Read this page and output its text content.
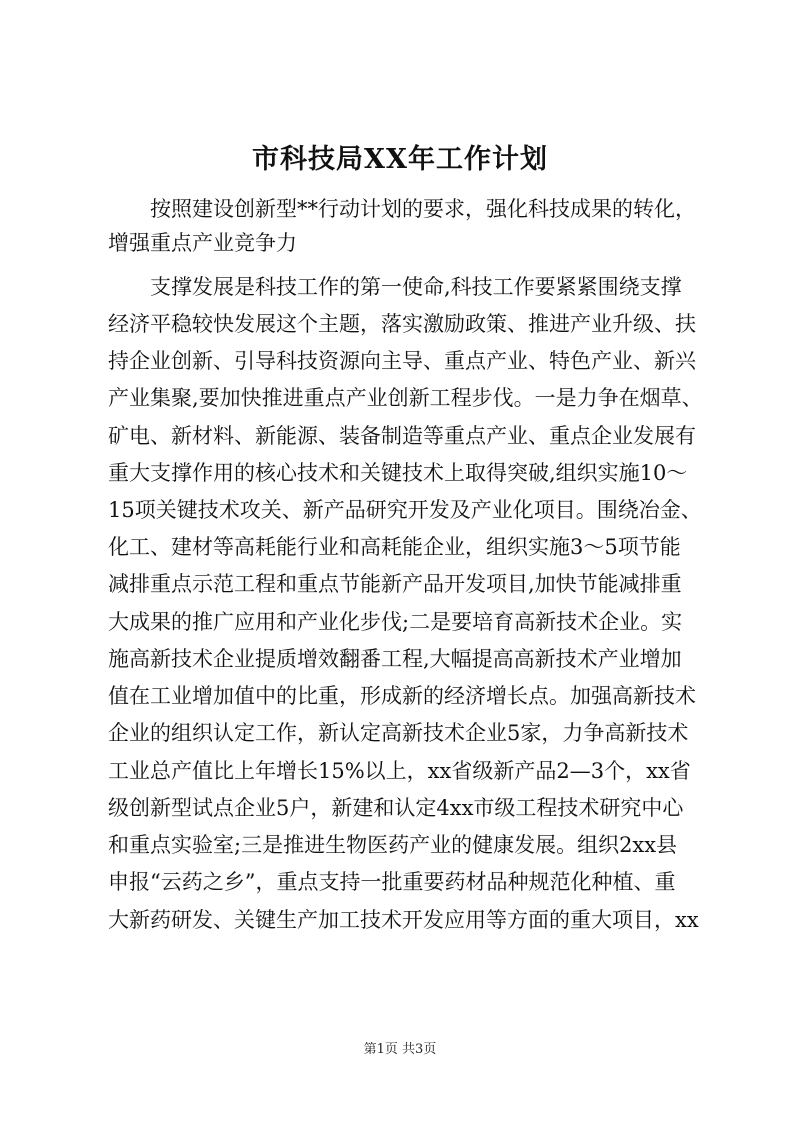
市科技局XX年工作计划
　　按照建设创新型**行动计划的要求，强化科技成果的转化，
增强重点产业竞争力
　　支撑发展是科技工作的第一使命,科技工作要紧紧围绕支撑
经济平稳较快发展这个主题，落实激励政策、推进产业升级、扶
持企业创新、引导科技资源向主导、重点产业、特色产业、新兴
产业集聚,要加快推进重点产业创新工程步伐。一是力争在烟草、
矿电、新材料、新能源、装备制造等重点产业、重点企业发展有
重大支撑作用的核心技术和关键技术上取得突破,组织实施10～
15项关键技术攻关、新产品研究开发及产业化项目。围绕冶金、
化工、建材等高耗能行业和高耗能企业，组织实施3～5项节能
减排重点示范工程和重点节能新产品开发项目,加快节能减排重
大成果的推广应用和产业化步伐;二是要培育高新技术企业。实
施高新技术企业提质增效翻番工程,大幅提高高新技术产业增加
值在工业增加值中的比重，形成新的经济增长点。加强高新技术
企业的组织认定工作，新认定高新技术企业5家，力争高新技术
工业总产值比上年增长15%以上，xx省级新产品2—3个，xx省
级创新型试点企业5户，新建和认定4xx市级工程技术研究中心
和重点实验室;三是推进生物医药产业的健康发展。组织2xx县
申报“云药之乡”，重点支持一批重要药材品种规范化种植、重
大新药研发、关键生产加工技术开发应用等方面的重大项目，xx
第1页 共3页
